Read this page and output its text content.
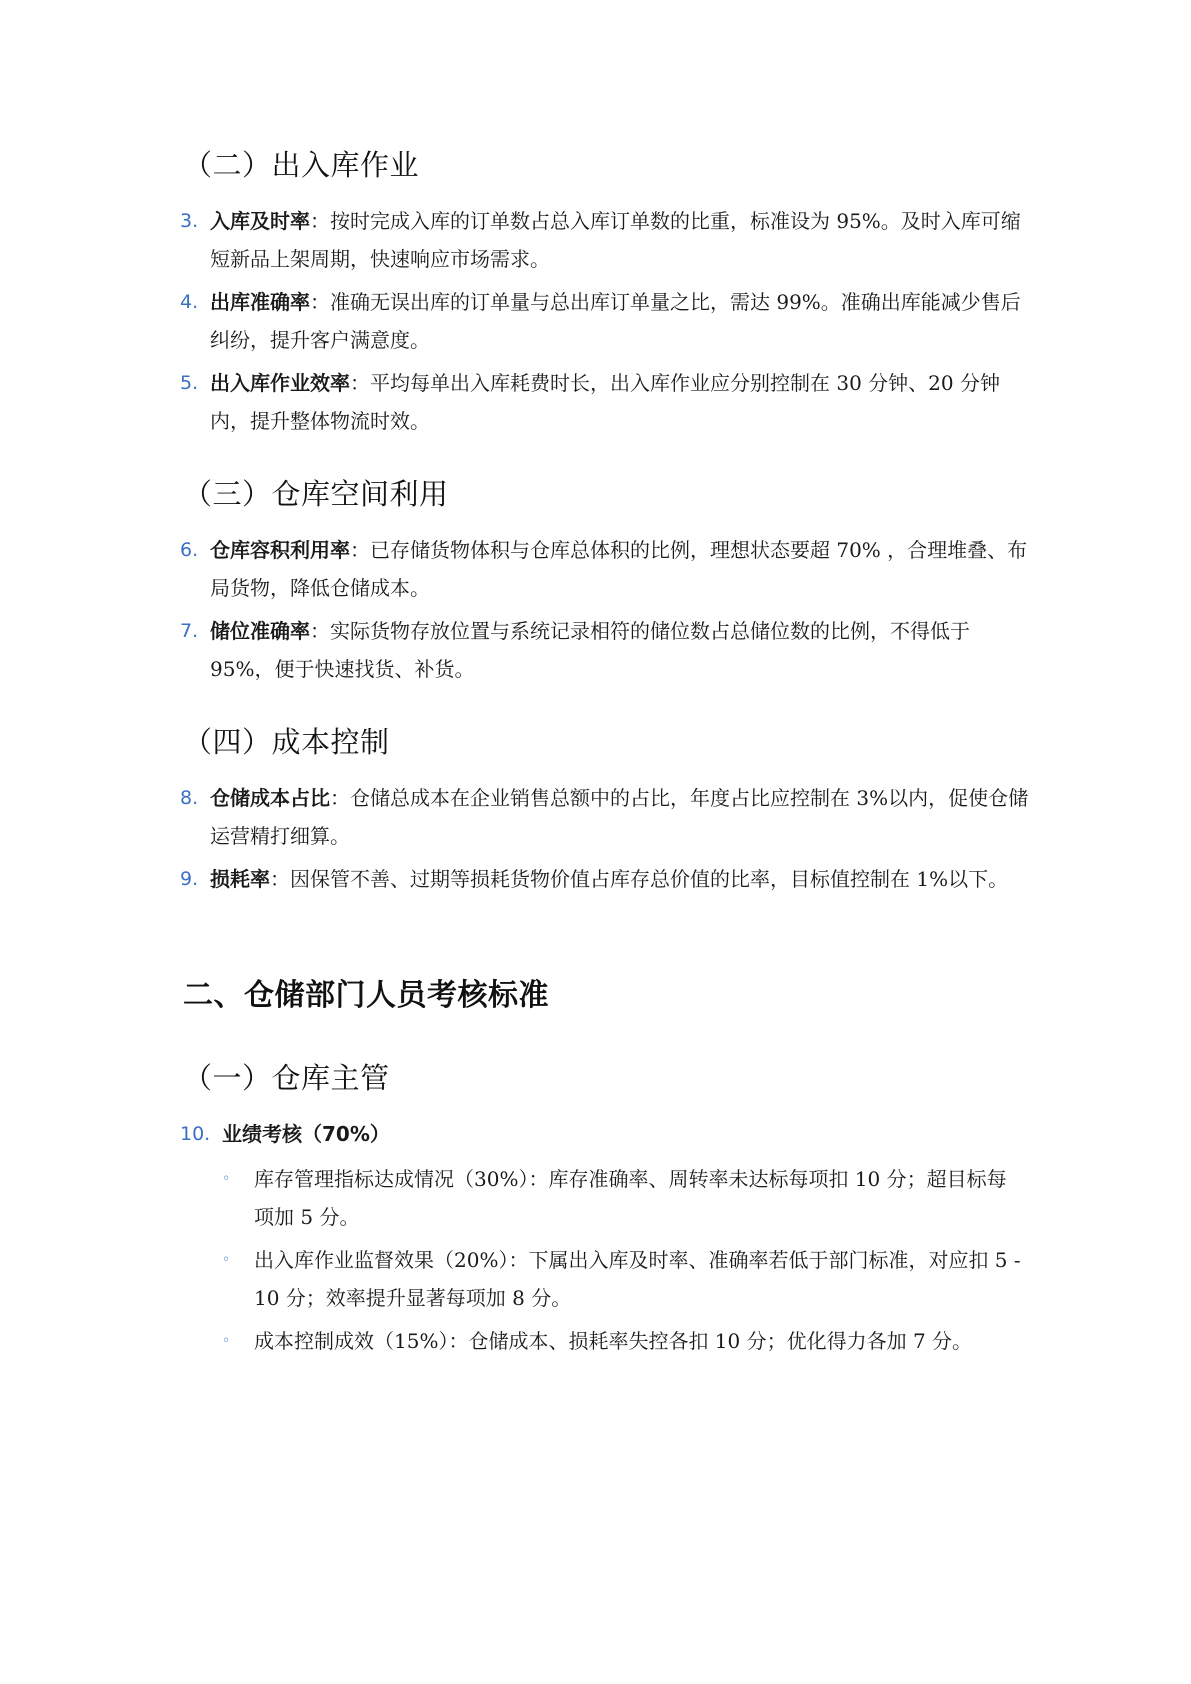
（二）出入库作业
3. 入库及时率：按时完成入库的订单数占总入库订单数的比重，标准设为 95%。及时入库可缩短新品上架周期，快速响应市场需求。
4. 出库准确率：准确无误出库的订单量与总出库订单量之比，需达 99%。准确出库能减少售后纠纷，提升客户满意度。
5. 出入库作业效率：平均每单出入库耗费时长，出入库作业应分别控制在 30 分钟、20 分钟内，提升整体物流时效。
（三）仓库空间利用
6. 仓库容积利用率：已存储货物体积与仓库总体积的比例，理想状态要超 70% ，合理堆叠、布局货物，降低仓储成本。
7. 储位准确率：实际货物存放位置与系统记录相符的储位数占总储位数的比例，不得低于 95%，便于快速找货、补货。
（四）成本控制
8. 仓储成本占比：仓储总成本在企业销售总额中的占比，年度占比应控制在 3%以内，促使仓储运营精打细算。
9. 损耗率：因保管不善、过期等损耗货物价值占库存总价值的比率，目标值控制在 1%以下。
二、仓储部门人员考核标准
（一）仓库主管
10. 业绩考核（70%）
◦ 库存管理指标达成情况（30%）：库存准确率、周转率未达标每项扣 10 分；超目标每项加 5 分。
◦ 出入库作业监督效果（20%）：下属出入库及时率、准确率若低于部门标准，对应扣 5 - 10 分；效率提升显著每项加 8 分。
◦ 成本控制成效（15%）：仓储成本、损耗率失控各扣 10 分；优化得力各加 7 分。
